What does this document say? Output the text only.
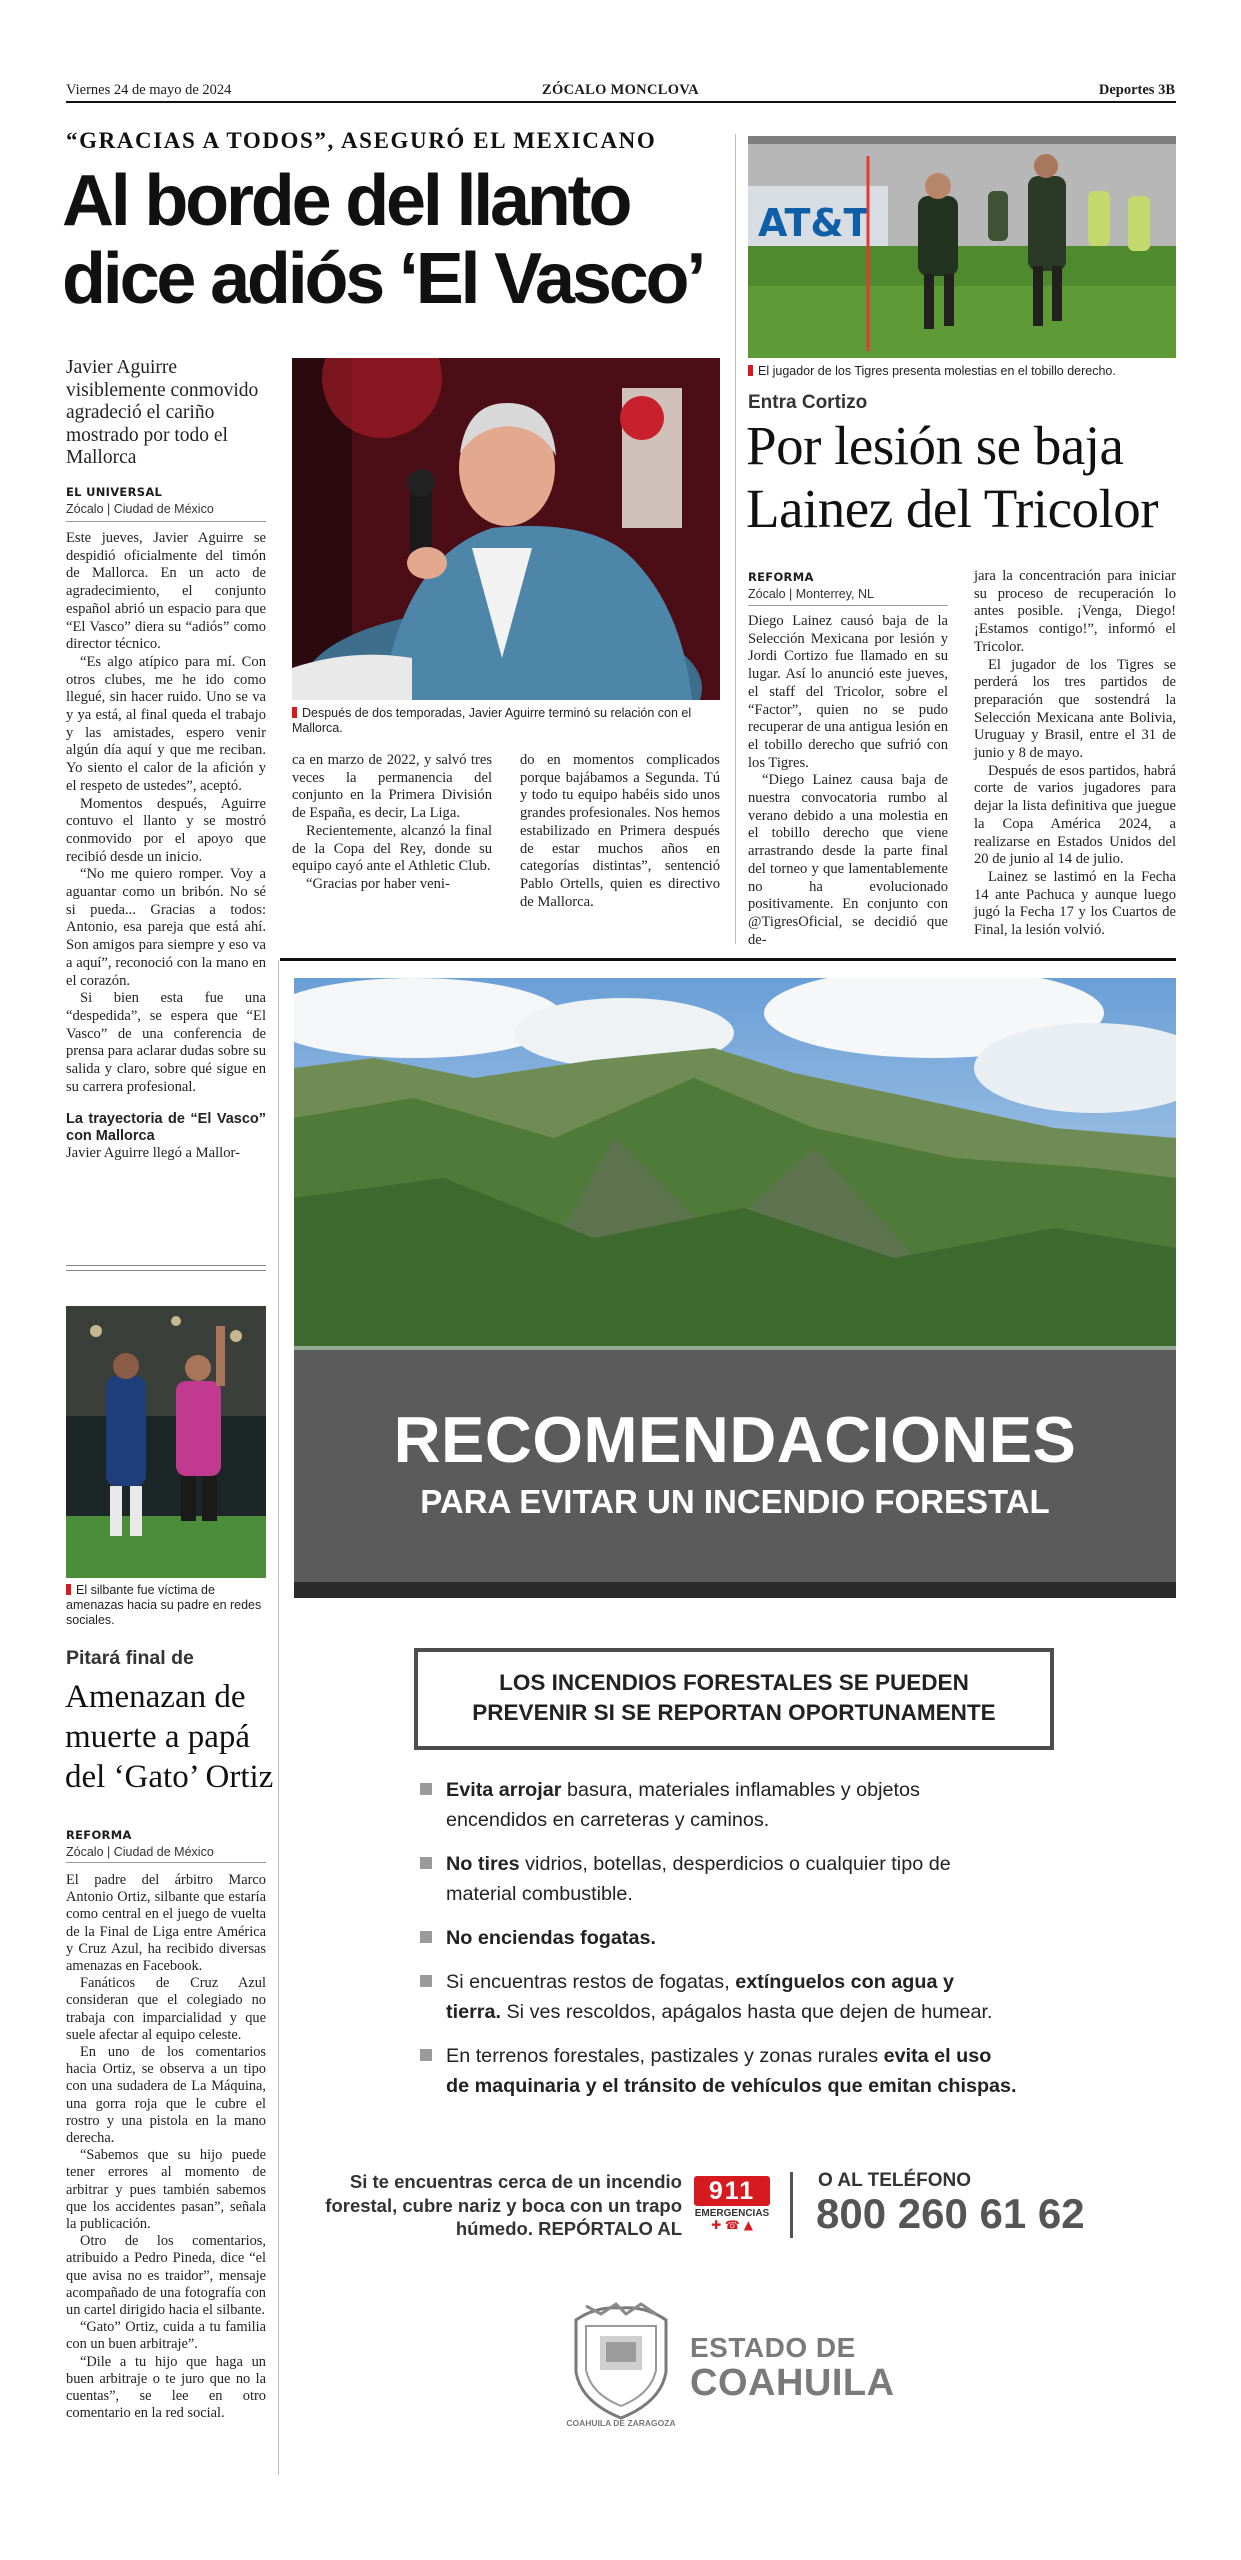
Viernes 24 de mayo de 2024	ZÓCALO MONCLOVA	Deportes 3B
“GRACIAS A TODOS”, ASEGURÓ EL MEXICANO
Al borde del llanto
dice adiós ‘El Vasco’
Javier Aguirre visiblemente conmovido agradeció el cariño mostrado por todo el Mallorca
EL UNIVERSAL
Zócalo | Ciudad de México
Después de dos temporadas, Javier Aguirre terminó su relación con el Mallorca.

Este jueves, Javier Aguirre se despidió oficialmente del timón de Mallorca. En un acto de agradecimiento, el conjunto español abrió un espacio para que “El Vasco” diera su “adiós” como director técnico.

“Es algo atípico para mí. Con otros clubes, me he ido como llegué, sin hacer ruido. Uno se va y ya está, al final queda el trabajo y las amistades, espero venir algún día aquí y que me reciban. Yo siento el calor de la afición y el respeto de ustedes”, aceptó.

Momentos después, Aguirre contuvo el llanto y se mostró conmovido por el apoyo que recibió desde un inicio.

“No me quiero romper. Voy a aguantar como un bribón. No sé si pueda... Gracias a todos: Antonio, esa pareja que está ahí. Son amigos para siempre y eso va a aquí”, reconoció con la mano en el corazón.

Si bien esta fue una “despedida”, se espera que “El Vasco” de una conferencia de prensa para aclarar dudas sobre su salida y claro, sobre qué sigue en su carrera profesional.

La trayectoria de “El Vasco” con Mallorca

Javier Aguirre llegó a Mallor-

ca en marzo de 2022, y salvó tres veces la permanencia del conjunto en la Primera División de España, es decir, La Liga.

Recientemente, alcanzó la final de la Copa del Rey, donde su equipo cayó ante el Athletic Club.

“Gracias por haber veni-

do en momentos complicados porque bajábamos a Segunda. Tú y todo tu equipo habéis sido unos grandes profesionales. Nos hemos estabilizado en Primera después de estar muchos años en categorías distintas”, sentenció Pablo Ortells, quien es directivo de Mallorca.

AT&T
El jugador de los Tigres presenta molestias en el tobillo derecho.
Entra Cortizo
Por lesión se baja
Lainez del Tricolor
REFORMA
Zócalo | Monterrey, NL

Diego Lainez causó baja de la Selección Mexicana por lesión y Jordi Cortizo fue llamado en su lugar. Así lo anunció este jueves, el staff del Tricolor, sobre el “Factor”, quien no se pudo recuperar de una antigua lesión en el tobillo derecho que sufrió con los Tigres.

“Diego Lainez causa baja de nuestra convocatoria rumbo al verano debido a una molestia en el tobillo derecho que viene arrastrando desde la parte final del torneo y que lamentablemente no ha evolucionado positivamente. En conjunto con @TigresOficial, se decidió que de-

jara la concentración para iniciar su proceso de recuperación lo antes posible. ¡Venga, Diego! ¡Estamos contigo!”, informó el Tricolor.

El jugador de los Tigres se perderá los tres partidos de preparación que sostendrá la Selección Mexicana ante Bolivia, Uruguay y Brasil, entre el 31 de junio y 8 de mayo.

Después de esos partidos, habrá corte de varios jugadores para dejar la lista definitiva que juegue la Copa América 2024, a realizarse en Estados Unidos del 20 de junio al 14 de julio.

Lainez se lastimó en la Fecha 14 ante Pachuca y aunque luego jugó la Fecha 17 y los Cuartos de Final, la lesión volvió.

El silbante fue víctima de amenazas hacia su padre en redes sociales.
Pitará final de
Amenazan de
muerte a papá
del ‘Gato’ Ortiz
REFORMA
Zócalo | Ciudad de México

El padre del árbitro Marco Antonio Ortiz, silbante que estaría como central en el juego de vuelta de la Final de Liga entre América y Cruz Azul, ha recibido diversas amenazas en Facebook.

Fanáticos de Cruz Azul consideran que el colegiado no trabaja con imparcialidad y que suele afectar al equipo celeste.

En uno de los comentarios hacia Ortiz, se observa a un tipo con una sudadera de La Máquina, una gorra roja que le cubre el rostro y una pistola en la mano derecha.

“Sabemos que su hijo puede tener errores al momento de arbitrar y pues también sabemos que los accidentes pasan”, señala la publicación.

Otro de los comentarios, atribuido a Pedro Pineda, dice “el que avisa no es traidor”, mensaje acompañado de una fotografía con un cartel dirigido hacia el silbante.

“Gato” Ortiz, cuida a tu familia con un buen arbitraje”.

“Dile a tu hijo que haga un buen arbitraje o te juro que no la cuentas”, se lee en otro comentario en la red social.

RECOMENDACIONES
PARA EVITAR UN INCENDIO FORESTAL
LOS INCENDIOS FORESTALES SE PUEDEN
PREVENIR SI SE REPORTAN OPORTUNAMENTE
Evita arrojar basura, materiales inflamables y objetos
encendidos en carreteras y caminos.
No tires vidrios, botellas, desperdicios o cualquier tipo de
material combustible.
No enciendas fogatas.
Si encuentras restos de fogatas, extínguelos con agua y
tierra. Si ves rescoldos, apágalos hasta que dejen de humear.
En terrenos forestales, pastizales y zonas rurales evita el uso
de maquinaria y el tránsito de vehículos que emitan chispas.
Si te encuentras cerca de un incendio
forestal, cubre nariz y boca con un trapo
húmedo. REPÓRTALO AL
911
EMERGENCIAS
✚ ☎ ▲
O AL TELÉFONO
800 260 61 62
COAHUILA DE ZARAGOZA
ESTADO DE
COAHUILA
